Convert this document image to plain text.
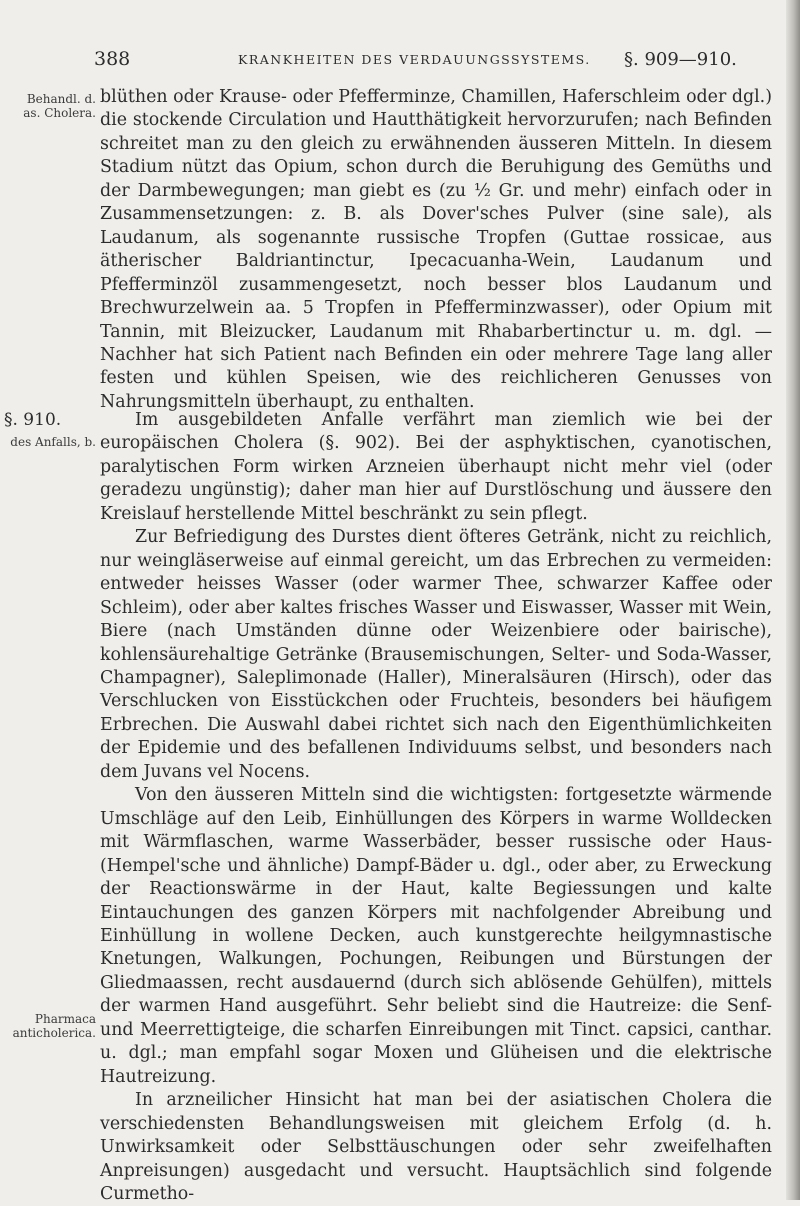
388	KRANKHEITEN DES VERDAUUNGSSYSTEMS. §. 909—910.
Behandl. d. as. Cholera.
des Anfalls, b.
Pharmaca anticholerica.

blüthen oder Krause- oder Pfefferminze, Chamillen, Haferschleim oder dgl.) die stockende Circulation und Hautthätigkeit hervorzurufen; nach Befinden schreitet man zu den gleich zu erwähnenden äusseren Mitteln. In diesem Stadium nützt das Opium, schon durch die Beruhigung des Gemüths und der Darmbewegungen; man giebt es (zu ½ Gr. und mehr) einfach oder in Zusammensetzungen: z. B. als Dover'sches Pulver (sine sale), als Laudanum, als sogenannte russische Tropfen (Guttae rossicae, aus ätherischer Baldriantinctur, Ipecacuanha-Wein, Laudanum und Pfefferminzöl zusammengesetzt, noch besser blos Laudanum und Brechwurzelwein aa. 5 Tropfen in Pfefferminzwasser), oder Opium mit Tannin, mit Bleizucker, Laudanum mit Rhabarbertinctur u. m. dgl. — Nachher hat sich Patient nach Befinden ein oder mehrere Tage lang aller festen und kühlen Speisen, wie des reichlicheren Genusses von Nahrungsmitteln überhaupt, zu enthalten.

§. 910.	Im ausgebildeten Anfalle verfährt man ziemlich wie bei der europäischen Cholera (§. 902). Bei der asphyktischen, cyanotischen, paralytischen Form wirken Arzneien überhaupt nicht mehr viel (oder geradezu ungünstig); daher man hier auf Durstlöschung und äussere den Kreislauf herstellende Mittel beschränkt zu sein pflegt.

Zur Befriedigung des Durstes dient öfteres Getränk, nicht zu reichlich, nur weingläserweise auf einmal gereicht, um das Erbrechen zu vermeiden: entweder heisses Wasser (oder warmer Thee, schwarzer Kaffee oder Schleim), oder aber kaltes frisches Wasser und Eiswasser, Wasser mit Wein, Biere (nach Umständen dünne oder Weizenbiere oder bairische), kohlensäurehaltige Getränke (Brausemischungen, Selter- und Soda-Wasser, Champagner), Saleplimonade (Haller), Mineralsäuren (Hirsch), oder das Verschlucken von Eisstückchen oder Fruchteis, besonders bei häufigem Erbrechen. Die Auswahl dabei richtet sich nach den Eigenthümlichkeiten der Epidemie und des befallenen Individuums selbst, und besonders nach dem Juvans vel Nocens.

Von den äusseren Mitteln sind die wichtigsten: fortgesetzte wärmende Umschläge auf den Leib, Einhüllungen des Körpers in warme Wolldecken mit Wärmflaschen, warme Wasserbäder, besser russische oder Haus- (Hempel'sche und ähnliche) Dampf-Bäder u. dgl., oder aber, zu Erweckung der Reactionswärme in der Haut, kalte Begiessungen und kalte Eintauchungen des ganzen Körpers mit nachfolgender Abreibung und Einhüllung in wollene Decken, auch kunstgerechte heilgymnastische Knetungen, Walkungen, Pochungen, Reibungen und Bürstungen der Gliedmaassen, recht ausdauernd (durch sich ablösende Gehülfen), mittels der warmen Hand ausgeführt. Sehr beliebt sind die Hautreize: die Senf- und Meerrettigteige, die scharfen Einreibungen mit Tinct. capsici, canthar. u. dgl.; man empfahl sogar Moxen und Glüheisen und die elektrische Hautreizung.

In arzneilicher Hinsicht hat man bei der asiatischen Cholera die verschiedensten Behandlungsweisen mit gleichem Erfolg (d. h. Unwirksamkeit oder Selbsttäuschungen oder sehr zweifelhaften Anpreisungen) ausgedacht und versucht. Hauptsächlich sind folgende Curmetho-
